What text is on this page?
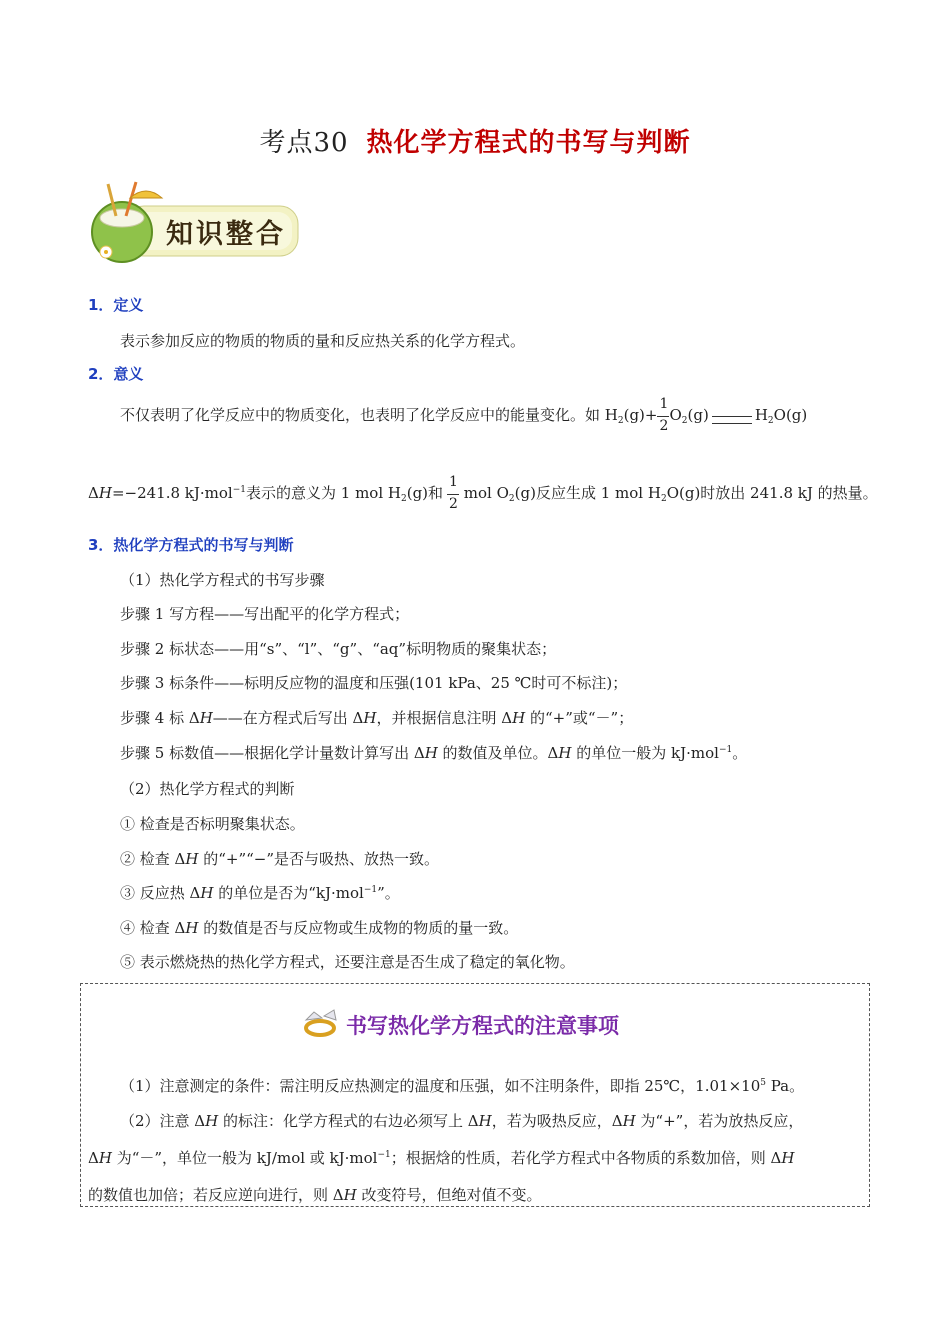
考点30 热化学方程式的书写与判断
知识整合
1．定义
表示参加反应的物质的物质的量和反应热关系的化学方程式。
2．意义
不仅表明了化学反应中的物质变化，也表明了化学反应中的能量变化。如 $H_2(g)+ \frac{1}{2} O_2(g)$	$H_2O(g)$
ΔH=−241.8 kJ·mol$^{-1}$表示的意义为 1 mol $H_2(g)$和 $\frac{1}{2}$ mol $O_2(g)$反应生成 1 mol $H_2O(g)$时放出 241.8 kJ 的热量。
3．热化学方程式的书写与判断
（1）热化学方程式的书写步骤
步骤 1 写方程——写出配平的化学方程式；
步骤 2 标状态——用“s”、“l”、“g”、“aq”标明物质的聚集状态；
步骤 3 标条件——标明反应物的温度和压强(101 kPa、25 ℃时可不标注)；
步骤 4 标 ΔH——在方程式后写出 ΔH，并根据信息注明 ΔH 的“+”或“－”；
步骤 5 标数值——根据化学计量数计算写出 ΔH 的数值及单位。ΔH 的单位一般为 kJ·mol$^{-1}$。
（2）热化学方程式的判断
① 检查是否标明聚集状态。
② 检查 ΔH 的“+”“−”是否与吸热、放热一致。
③ 反应热 ΔH 的单位是否为“kJ·mol$^{-1}$”。
④ 检查 ΔH 的数值是否与反应物或生成物的物质的量一致。
⑤ 表示燃烧热的热化学方程式，还要注意是否生成了稳定的氧化物。
书写热化学方程式的注意事项
（1）注意测定的条件：需注明反应热测定的温度和压强，如不注明条件，即指 25℃，$1.01\times 10^5$ Pa。
（2）注意 ΔH 的标注：化学方程式的右边必须写上 ΔH，若为吸热反应，ΔH 为“+”，若为放热反应，
ΔH 为“－”，单位一般为 kJ/mol 或 kJ·mol$^{-1}$；根据焓的性质，若化学方程式中各物质的系数加倍，则 ΔH
的数值也加倍；若反应逆向进行，则 ΔH 改变符号，但绝对值不变。
